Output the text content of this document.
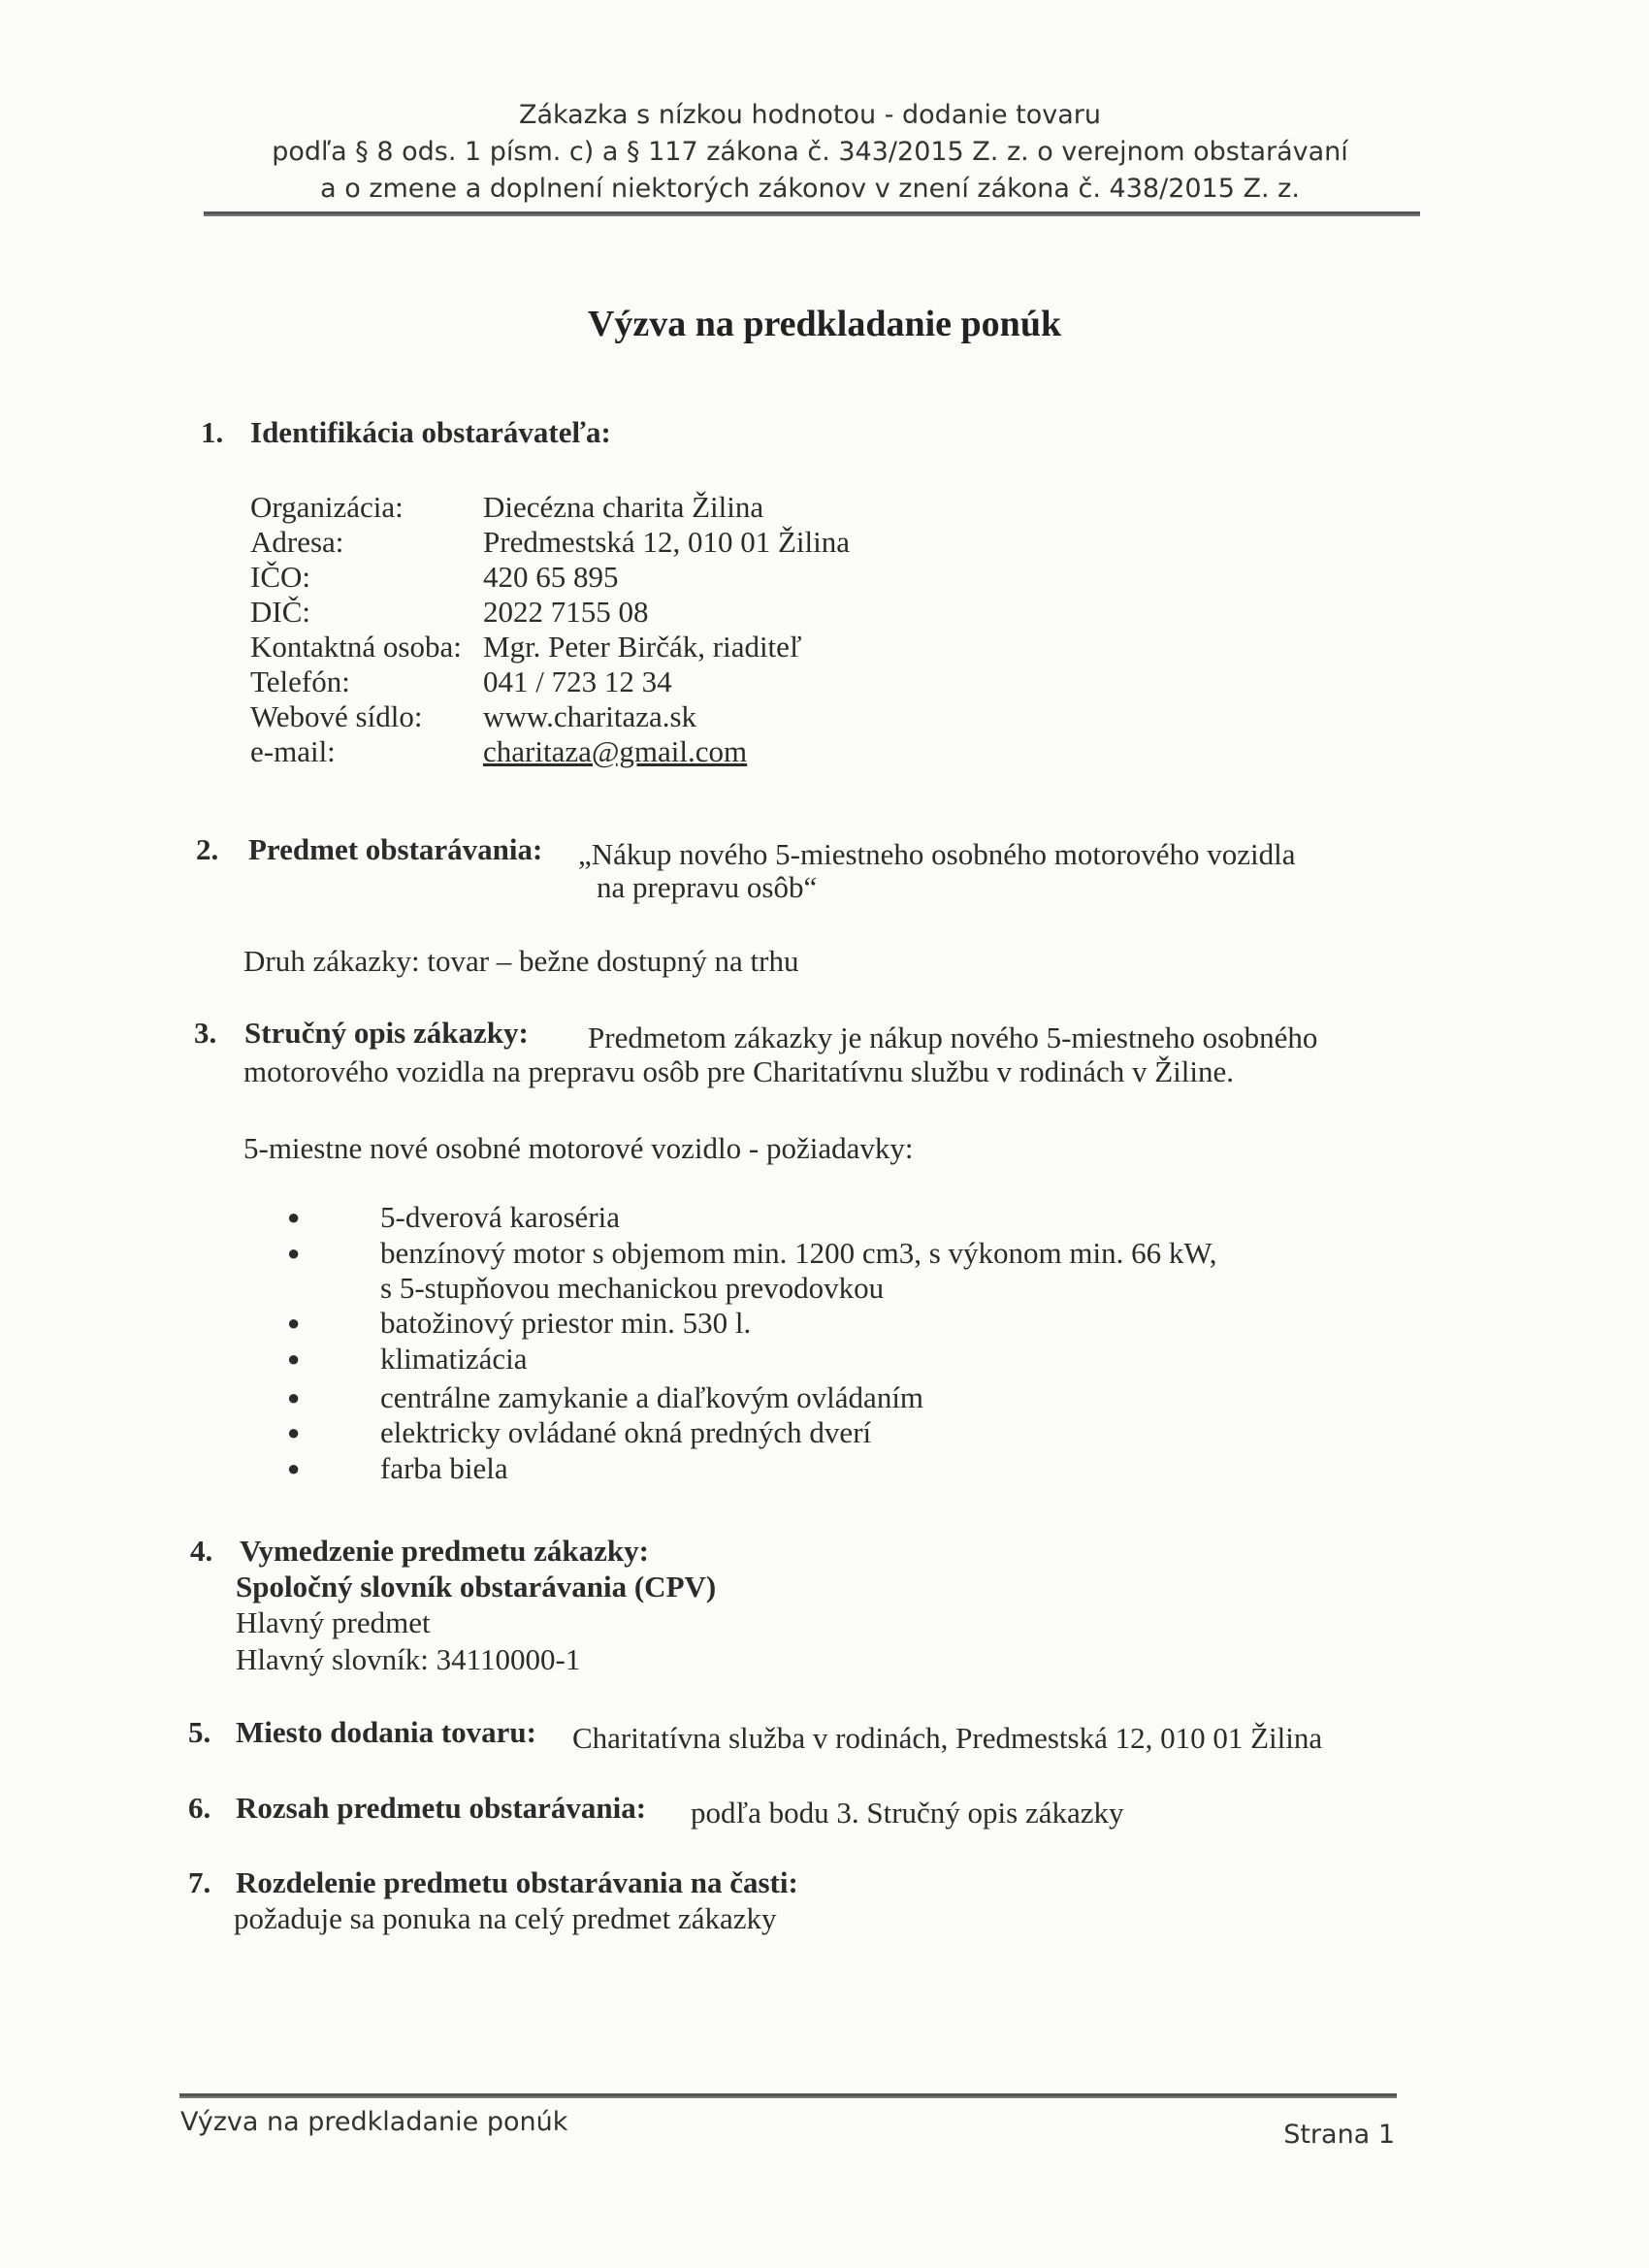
Zákazka s nízkou hodnotou - dodanie tovaru
podľa § 8 ods. 1 písm. c) a § 117 zákona č. 343/2015 Z. z. o verejnom obstarávaní
a o zmene a doplnení niektorých zákonov v znení zákona č. 438/2015 Z. z.
Výzva na predkladanie ponúk
1. Identifikácia obstarávateľa:
Organizácia:	Diecézna charita Žilina
Adresa:	Predmestská 12, 010 01 Žilina
IČO:	420 65 895
DIČ:	2022 7155 08
Kontaktná osoba: Mgr. Peter Birčák, riaditeľ
Telefón:	041 / 723 12 34
Webové sídlo: www.charitaza.sk
e-mail:	charitaza@gmail.com
2. Predmet obstarávania: „Nákup nového 5-miestneho osobného motorového vozidla
na prepravu osôb“
Druh zákazky: tovar – bežne dostupný na trhu
3. Stručný opis zákazky: Predmetom zákazky je nákup nového 5-miestneho osobného
motorového vozidla na prepravu osôb pre Charitatívnu službu v rodinách v Žiline.
5-miestne nové osobné motorové vozidlo - požiadavky:
●	5-dverová karoséria
●	benzínový motor s objemom min. 1200 cm3, s výkonom min. 66 kW,
s 5-stupňovou mechanickou prevodovkou
●	batožinový priestor min. 530 l.
●	klimatizácia
●	centrálne zamykanie a diaľkovým ovládaním
●	elektricky ovládané okná predných dverí
●	farba biela
4. Vymedzenie predmetu zákazky:
Spoločný slovník obstarávania (CPV)
Hlavný predmet
Hlavný slovník: 34110000-1
5. Miesto dodania tovaru: Charitatívna služba v rodinách, Predmestská 12, 010 01 Žilina
6. Rozsah predmetu obstarávania: podľa bodu 3. Stručný opis zákazky
7. Rozdelenie predmetu obstarávania na časti:
požaduje sa ponuka na celý predmet zákazky
Výzva na predkladanie ponúk	Strana 1
